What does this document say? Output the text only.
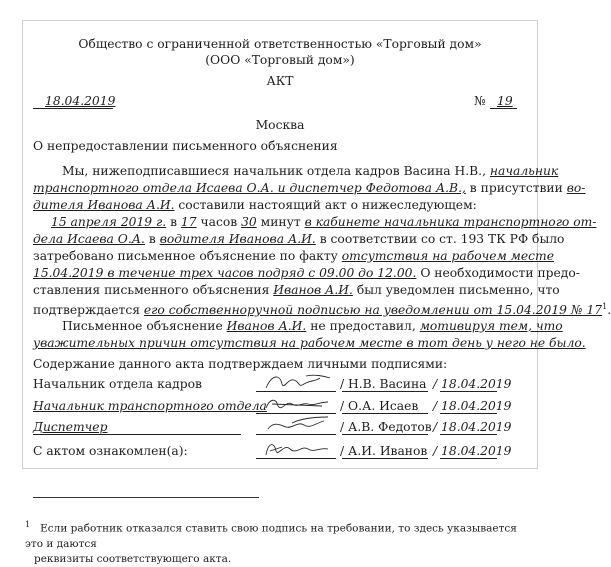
Общество с ограниченной ответственностью «Торговый дом»
(ООО «Торговый дом»)
АКТ
18.04.2019	№ 19
Москва
О непредоставлении письменного объяснения
Мы, нижеподписавшиеся начальник отдела кадров Васина Н.В., начальник
транспортного отдела Исаева О.А. и диспетчер Федотова А.В., в присутствии во-
дителя Иванова А.И. составили настоящий акт о нижеследующем:
15 апреля 2019 г. в 17 часов 30 минут в кабинете начальника транспортного от-
дела Исаева О.А. в водителя Иванова А.И. в соответствии со ст. 193 ТК РФ было
затребовано письменное объяснение по факту отсутствия на рабочем месте
15.04.2019 в течение трех часов подряд с 09.00 до 12.00. О необходимости предо-
ставления письменного объяснения Иванов А.И. был уведомлен письменно, что
подтверждается его собственноручной подписью на уведомлении от 15.04.2019 № $17^1$.
Письменное объяснение Иванов А.И. не предоставил, мотивируя тем, что
уважительных причин отсутствия на рабочем месте в тот день у него не было.
Содержание данного акта подтверждаем личными подписями:
Начальник отдела кадров	/ Н.В. Васина / 18.04.2019
Начальник транспортного отдела	/ О.А. Исаев / 18.04.2019
Диспетчер	/ А.В. Федотов / 18.04.2019
С актом ознакомлен(а):	/ А.И. Иванов / 18.04.2019
$^1$ Если работник отказался ставить свою подпись на требовании, то здесь указывается это и даются
реквизиты соответствующего акта.
